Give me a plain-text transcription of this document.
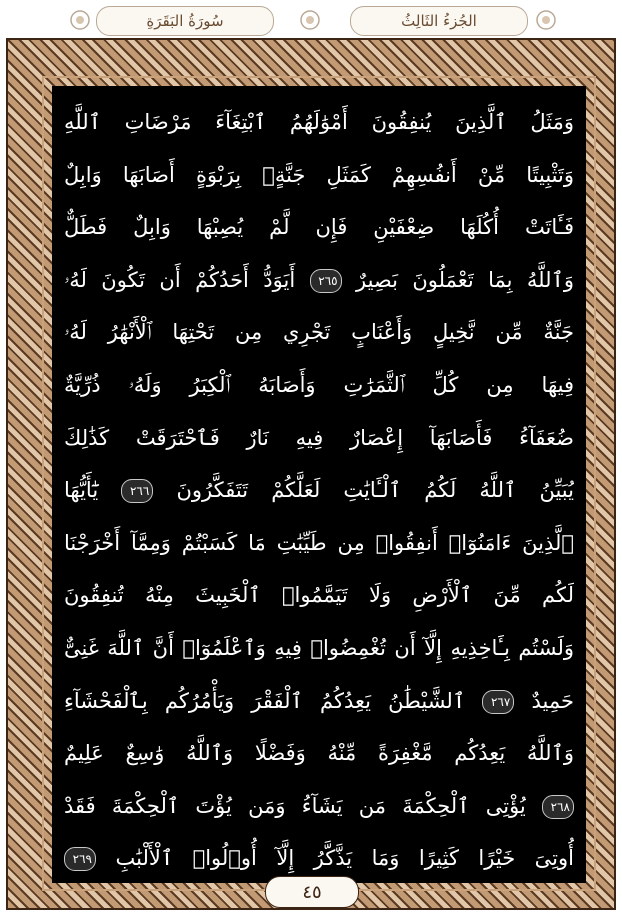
سُورَةُ البَقَرَةِ	الجُزءُ الثَالِثُ
وَمَثَلُ ٱلَّذِينَ يُنفِقُونَ أَمْوَٰلَهُمُ ٱبْتِغَآءَ مَرْضَاتِ ٱللَّهِ
وَتَثْبِيتًا مِّنْ أَنفُسِهِمْ كَمَثَلِ جَنَّةٍۭ بِرَبْوَةٍ أَصَابَهَا وَابِلٌ
فَـَٔاتَتْ أُكُلَهَا ضِعْفَيْنِ فَإِن لَّمْ يُصِبْهَا وَابِلٌ فَطَلٌّ
وَٱللَّهُ بِمَا تَعْمَلُونَ بَصِيرٌ ٢٦٥ أَيَوَدُّ أَحَدُكُمْ أَن تَكُونَ لَهُۥ
جَنَّةٌ مِّن نَّخِيلٍ وَأَعْنَابٍ تَجْرِي مِن تَحْتِهَا ٱلْأَنْهَٰرُ لَهُۥ
فِيهَا مِن كُلِّ ٱلثَّمَرَٰتِ وَأَصَابَهُ ٱلْكِبَرُ وَلَهُۥ ذُرِّيَّةٌ
ضُعَفَآءُ فَأَصَابَهَآ إِعْصَارٌ فِيهِ نَارٌ فَٱحْتَرَقَتْ كَذَٰلِكَ
يُبَيِّنُ ٱللَّهُ لَكُمُ ٱلْـَٔايَٰتِ لَعَلَّكُمْ تَتَفَكَّرُونَ ٢٦٦ يَٰٓأَيُّهَا
ٱلَّذِينَ ءَامَنُوٓا۟ أَنفِقُوا۟ مِن طَيِّبَٰتِ مَا كَسَبْتُمْ وَمِمَّآ أَخْرَجْنَا
لَكُم مِّنَ ٱلْأَرْضِ وَلَا تَيَمَّمُوا۟ ٱلْخَبِيثَ مِنْهُ تُنفِقُونَ
وَلَسْتُم بِـَٔاخِذِيهِ إِلَّآ أَن تُغْمِضُوا۟ فِيهِ وَٱعْلَمُوٓا۟ أَنَّ ٱللَّهَ غَنِىٌّ
حَمِيدٌ ٢٦٧ ٱلشَّيْطَٰنُ يَعِدُكُمُ ٱلْفَقْرَ وَيَأْمُرُكُم بِٱلْفَحْشَآءِ
وَٱللَّهُ يَعِدُكُم مَّغْفِرَةً مِّنْهُ وَفَضْلًا وَٱللَّهُ وَٰسِعٌ عَلِيمٌ
٢٦٨ يُؤْتِى ٱلْحِكْمَةَ مَن يَشَآءُ وَمَن يُؤْتَ ٱلْحِكْمَةَ فَقَدْ
أُوتِىَ خَيْرًا كَثِيرًا وَمَا يَذَّكَّرُ إِلَّآ أُو۟لُوا۟ ٱلْأَلْبَٰبِ ٢٦٩
٤٥
